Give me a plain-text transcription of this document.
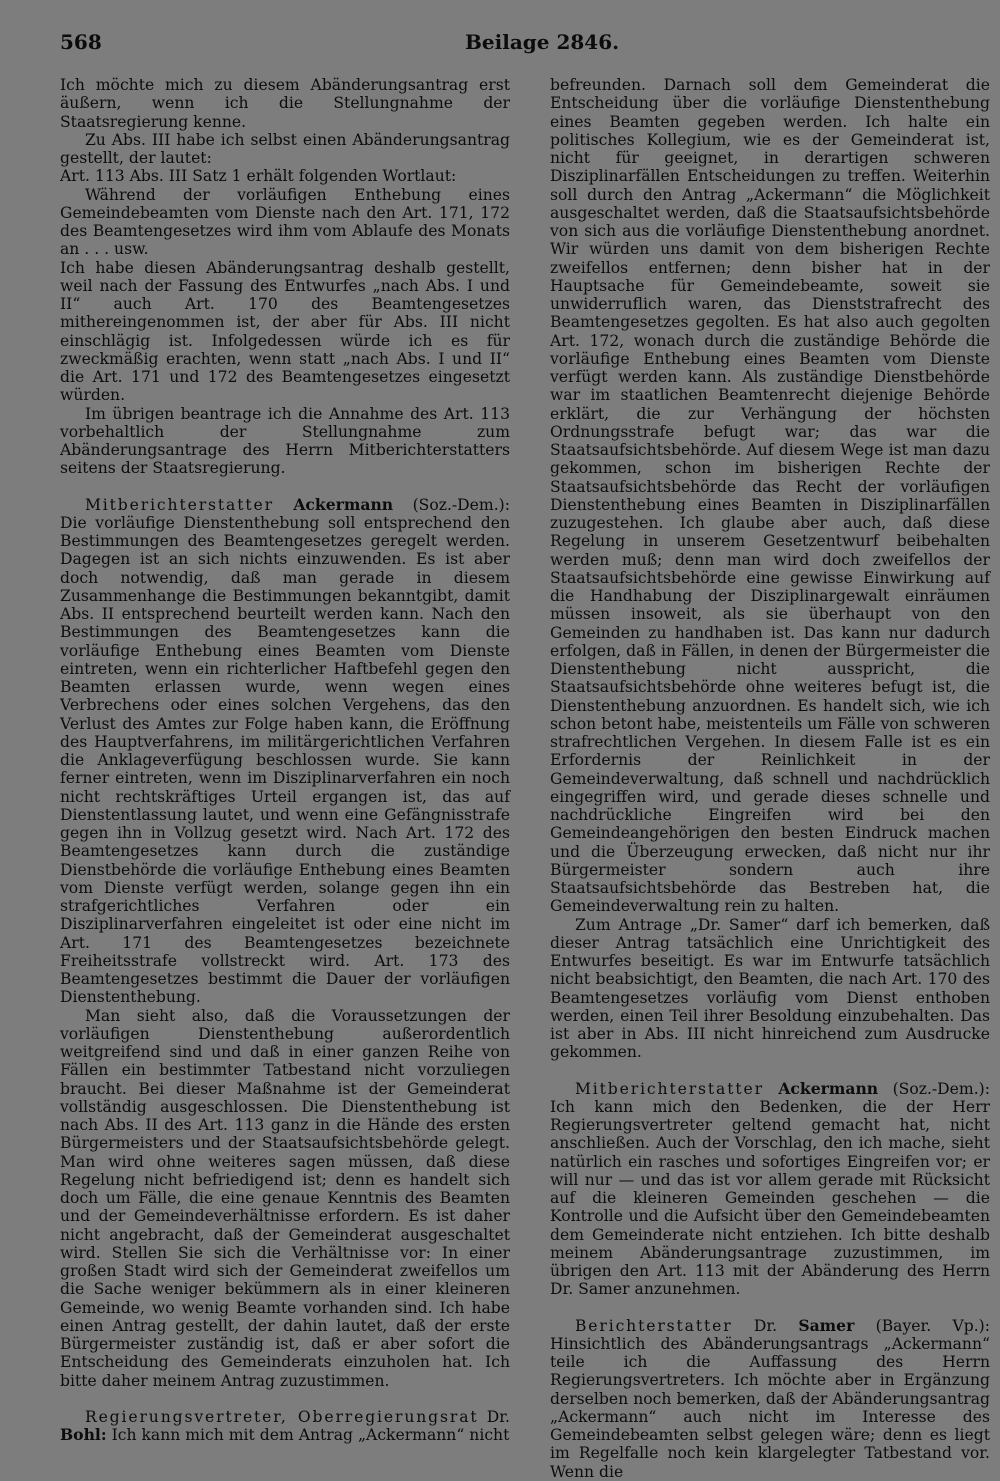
568	Beilage 2846.

Ich möchte mich zu diesem Abänderungsantrag erst äußern, wenn ich die Stellungnahme der Staatsregierung kenne.

Zu Abs. III habe ich selbst einen Abänderungsantrag gestellt, der lautet:

Art. 113 Abs. III Satz 1 erhält folgenden Wortlaut:

Während der vorläufigen Enthebung eines Gemeindebeamten vom Dienste nach den Art. 171, 172 des Beamtengesetzes wird ihm vom Ablaufe des Monats an . . . usw.

Ich habe diesen Abänderungsantrag deshalb gestellt, weil nach der Fassung des Entwurfes „nach Abs. I und II“ auch Art. 170 des Beamtengesetzes mithereingenommen ist, der aber für Abs. III nicht einschlägig ist. Infolgedessen würde ich es für zweckmäßig erachten, wenn statt „nach Abs. I und II“ die Art. 171 und 172 des Beamtengesetzes eingesetzt würden.

Im übrigen beantrage ich die Annahme des Art. 113 vorbehaltlich der Stellungnahme zum Abänderungsantrage des Herrn Mitberichterstatters seitens der Staatsregierung.

Mitberichterstatter Ackermann (Soz.-Dem.): Die vorläufige Dienstenthebung soll entsprechend den Bestimmungen des Beamtengesetzes geregelt werden. Dagegen ist an sich nichts einzuwenden. Es ist aber doch notwendig, daß man gerade in diesem Zusammenhange die Bestimmungen bekanntgibt, damit Abs. II entsprechend beurteilt werden kann. Nach den Bestimmungen des Beamtengesetzes kann die vorläufige Enthebung eines Beamten vom Dienste eintreten, wenn ein richterlicher Haftbefehl gegen den Beamten erlassen wurde, wenn wegen eines Verbrechens oder eines solchen Vergehens, das den Verlust des Amtes zur Folge haben kann, die Eröffnung des Hauptverfahrens, im militärgerichtlichen Verfahren die Anklageverfügung beschlossen wurde. Sie kann ferner eintreten, wenn im Disziplinarverfahren ein noch nicht rechtskräftiges Urteil ergangen ist, das auf Dienstentlassung lautet, und wenn eine Gefängnisstrafe gegen ihn in Vollzug gesetzt wird. Nach Art. 172 des Beamtengesetzes kann durch die zuständige Dienstbehörde die vorläufige Enthebung eines Beamten vom Dienste verfügt werden, solange gegen ihn ein strafgerichtliches Verfahren oder ein Disziplinarverfahren eingeleitet ist oder eine nicht im Art. 171 des Beamtengesetzes bezeichnete Freiheitsstrafe vollstreckt wird. Art. 173 des Beamtengesetzes bestimmt die Dauer der vorläufigen Dienstenthebung.

Man sieht also, daß die Voraussetzungen der vorläufigen Dienstenthebung außerordentlich weitgreifend sind und daß in einer ganzen Reihe von Fällen ein bestimmter Tatbestand nicht vorzuliegen braucht. Bei dieser Maßnahme ist der Gemeinderat vollständig ausgeschlossen. Die Dienstenthebung ist nach Abs. II des Art. 113 ganz in die Hände des ersten Bürgermeisters und der Staatsaufsichtsbehörde gelegt. Man wird ohne weiteres sagen müssen, daß diese Regelung nicht befriedigend ist; denn es handelt sich doch um Fälle, die eine genaue Kenntnis des Beamten und der Gemeindeverhältnisse erfordern. Es ist daher nicht angebracht, daß der Gemeinderat ausgeschaltet wird. Stellen Sie sich die Verhältnisse vor: In einer großen Stadt wird sich der Gemeinderat zweifellos um die Sache weniger bekümmern als in einer kleineren Gemeinde, wo wenig Beamte vorhanden sind. Ich habe einen Antrag gestellt, der dahin lautet, daß der erste Bürgermeister zuständig ist, daß er aber sofort die Entscheidung des Gemeinderats einzuholen hat. Ich bitte daher meinem Antrag zuzustimmen.

Regierungsvertreter, Oberregierungsrat Dr. Bohl: Ich kann mich mit dem Antrag „Ackermann“ nicht

befreunden. Darnach soll dem Gemeinderat die Entscheidung über die vorläufige Dienstenthebung eines Beamten gegeben werden. Ich halte ein politisches Kollegium, wie es der Gemeinderat ist, nicht für geeignet, in derartigen schweren Disziplinarfällen Entscheidungen zu treffen. Weiterhin soll durch den Antrag „Ackermann“ die Möglichkeit ausgeschaltet werden, daß die Staatsaufsichtsbehörde von sich aus die vorläufige Dienstenthebung anordnet. Wir würden uns damit von dem bisherigen Rechte zweifellos entfernen; denn bisher hat in der Hauptsache für Gemeindebeamte, soweit sie unwiderruflich waren, das Dienststrafrecht des Beamtengesetzes gegolten. Es hat also auch gegolten Art. 172, wonach durch die zuständige Behörde die vorläufige Enthebung eines Beamten vom Dienste verfügt werden kann. Als zuständige Dienstbehörde war im staatlichen Beamtenrecht diejenige Behörde erklärt, die zur Verhängung der höchsten Ordnungsstrafe befugt war; das war die Staatsaufsichtsbehörde. Auf diesem Wege ist man dazu gekommen, schon im bisherigen Rechte der Staatsaufsichtsbehörde das Recht der vorläufigen Dienstenthebung eines Beamten in Disziplinarfällen zuzugestehen. Ich glaube aber auch, daß diese Regelung in unserem Gesetzentwurf beibehalten werden muß; denn man wird doch zweifellos der Staatsaufsichtsbehörde eine gewisse Einwirkung auf die Handhabung der Disziplinargewalt einräumen müssen insoweit, als sie überhaupt von den Gemeinden zu handhaben ist. Das kann nur dadurch erfolgen, daß in Fällen, in denen der Bürgermeister die Dienstenthebung nicht ausspricht, die Staatsaufsichtsbehörde ohne weiteres befugt ist, die Dienstenthebung anzuordnen. Es handelt sich, wie ich schon betont habe, meistenteils um Fälle von schweren strafrechtlichen Vergehen. In diesem Falle ist es ein Erfordernis der Reinlichkeit in der Gemeindeverwaltung, daß schnell und nachdrücklich eingegriffen wird, und gerade dieses schnelle und nachdrückliche Eingreifen wird bei den Gemeindeangehörigen den besten Eindruck machen und die Überzeugung erwecken, daß nicht nur ihr Bürgermeister sondern auch ihre Staatsaufsichtsbehörde das Bestreben hat, die Gemeindeverwaltung rein zu halten.

Zum Antrage „Dr. Samer“ darf ich bemerken, daß dieser Antrag tatsächlich eine Unrichtigkeit des Entwurfes beseitigt. Es war im Entwurfe tatsächlich nicht beabsichtigt, den Beamten, die nach Art. 170 des Beamtengesetzes vorläufig vom Dienst enthoben werden, einen Teil ihrer Besoldung einzubehalten. Das ist aber in Abs. III nicht hinreichend zum Ausdrucke gekommen.

Mitberichterstatter Ackermann (Soz.-Dem.): Ich kann mich den Bedenken, die der Herr Regierungsvertreter geltend gemacht hat, nicht anschließen. Auch der Vorschlag, den ich mache, sieht natürlich ein rasches und sofortiges Eingreifen vor; er will nur — und das ist vor allem gerade mit Rücksicht auf die kleineren Gemeinden geschehen — die Kontrolle und die Aufsicht über den Gemeindebeamten dem Gemeinderate nicht entziehen. Ich bitte deshalb meinem Abänderungsantrage zuzustimmen, im übrigen den Art. 113 mit der Abänderung des Herrn Dr. Samer anzunehmen.

Berichterstatter Dr. Samer (Bayer. Vp.): Hinsichtlich des Abänderungsantrags „Ackermann“ teile ich die Auffassung des Herrn Regierungsvertreters. Ich möchte aber in Ergänzung derselben noch bemerken, daß der Abänderungsantrag „Ackermann“ auch nicht im Interesse des Gemeindebeamten selbst gelegen wäre; denn es liegt im Regelfalle noch kein klargelegter Tatbestand vor. Wenn die
